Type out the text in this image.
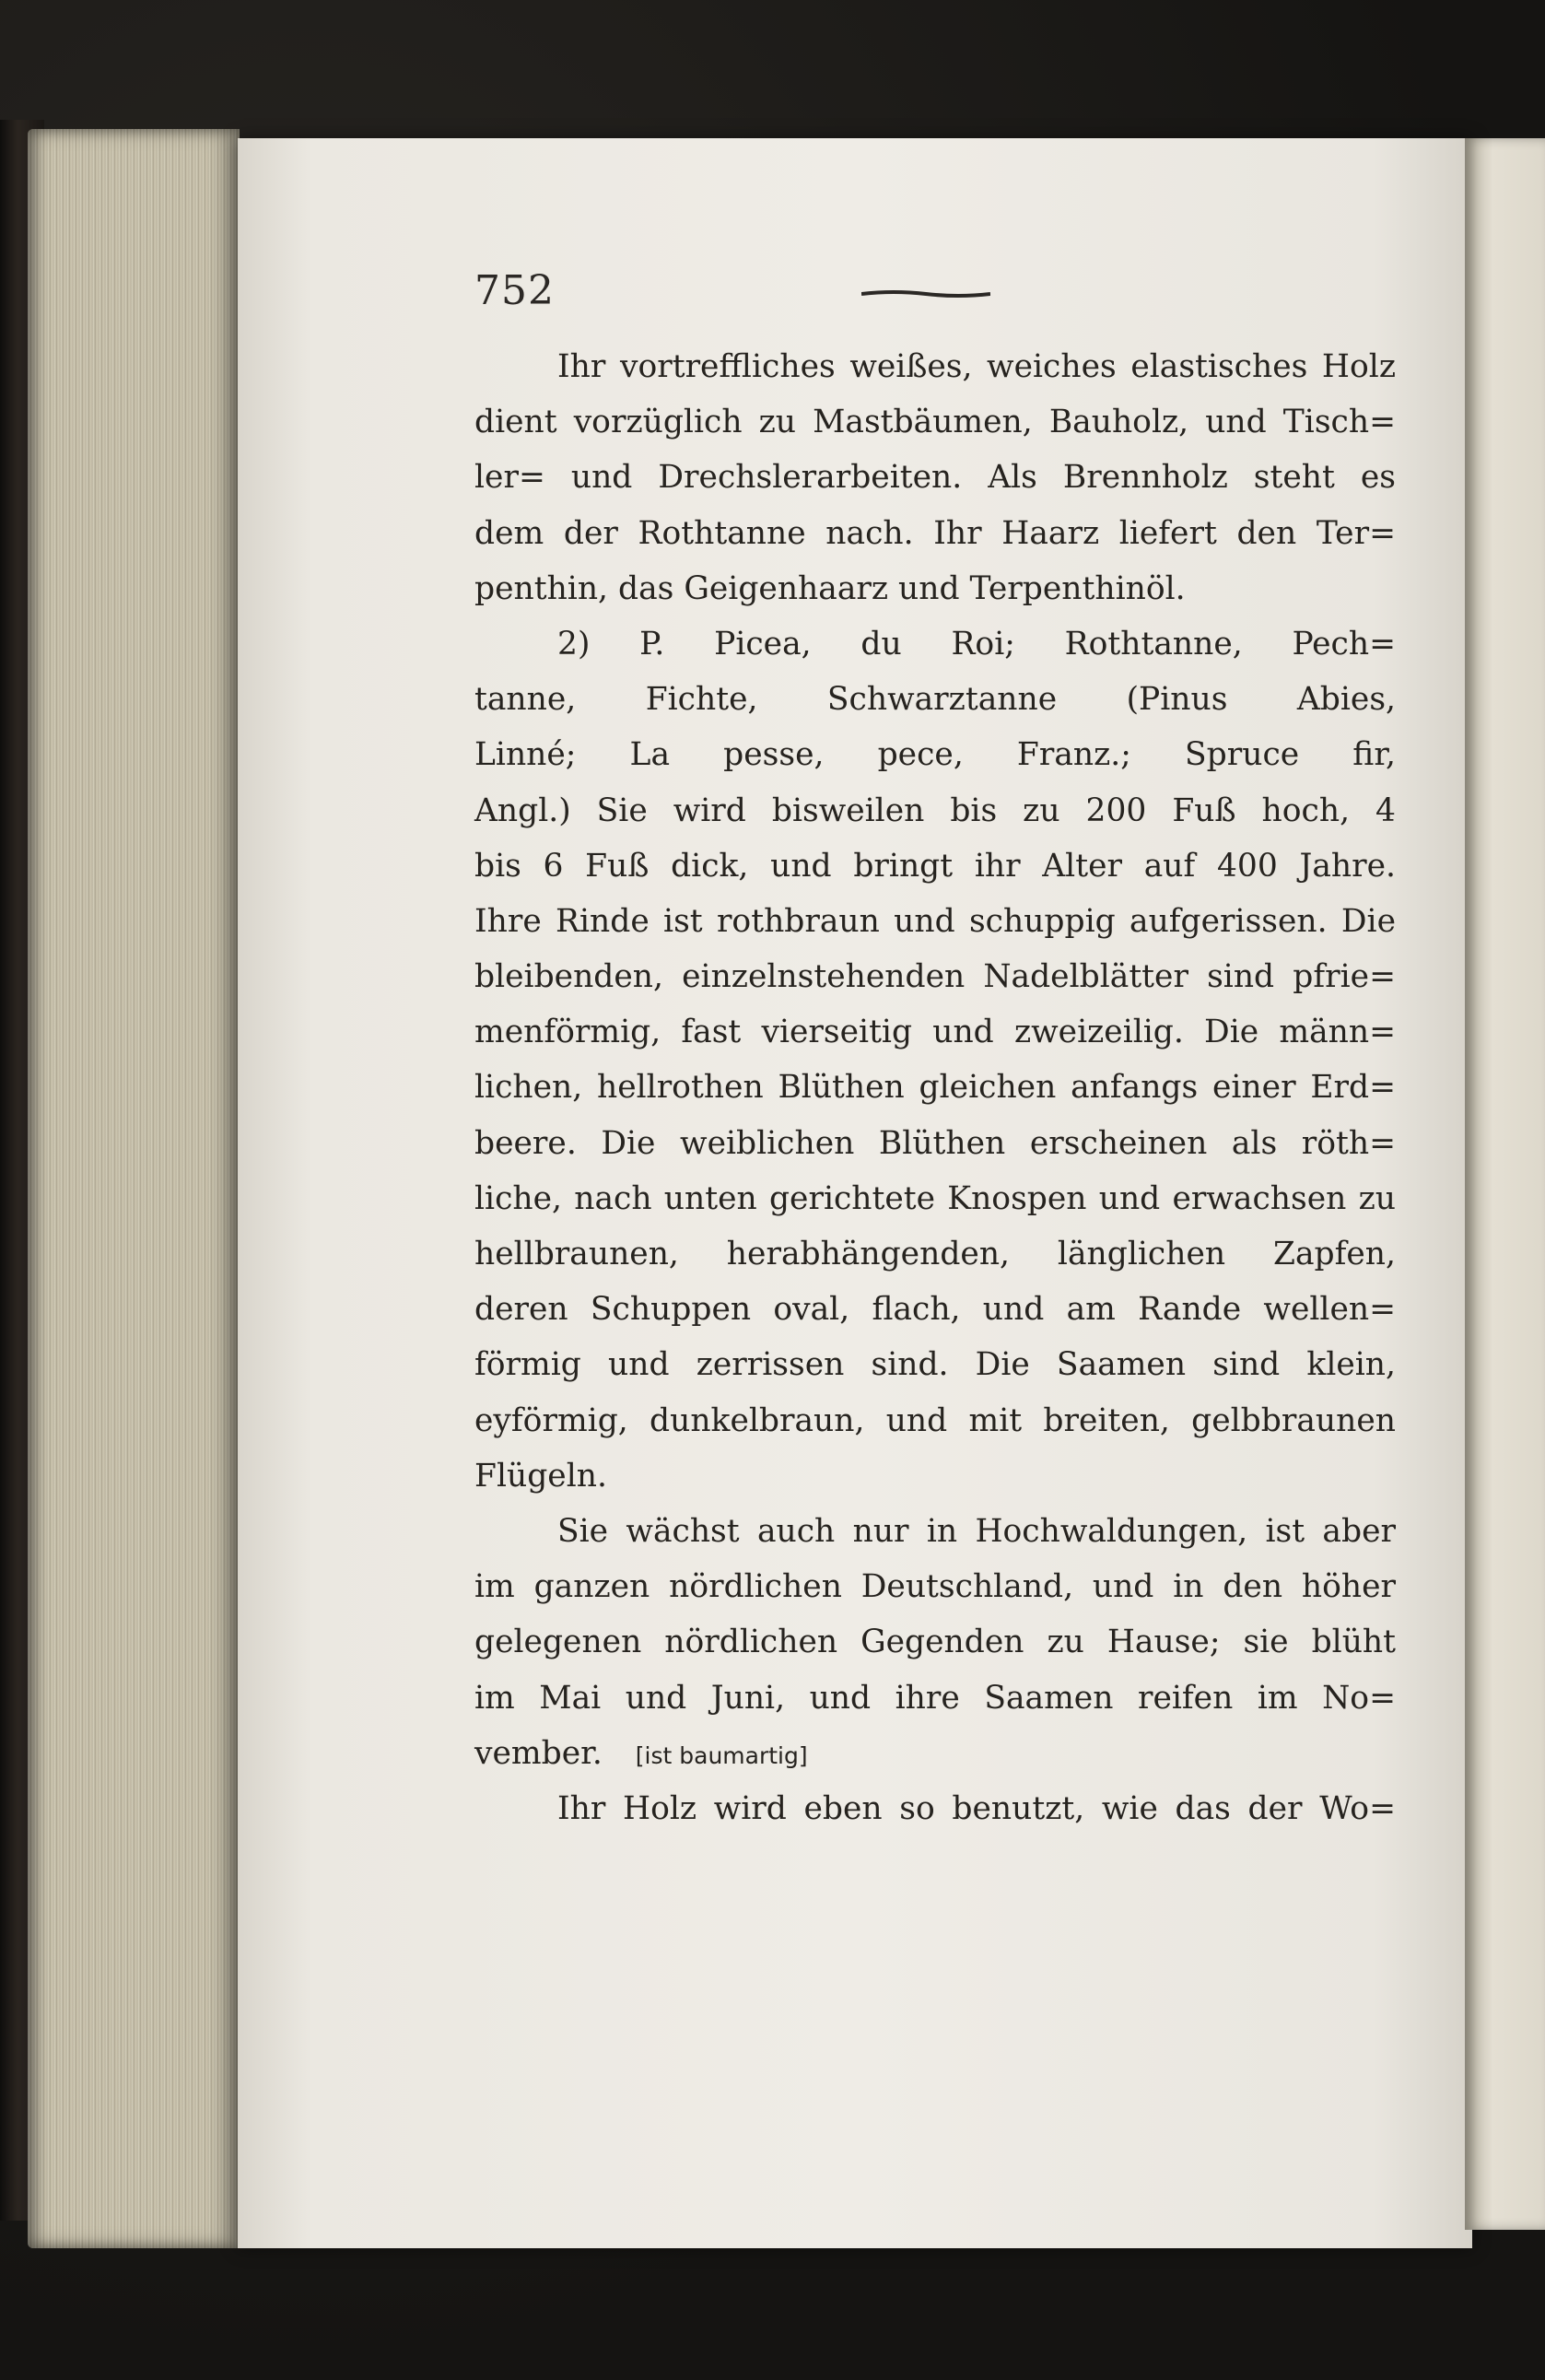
752
Ihr vortreffliches weißes, weiches elastisches Holz
dient vorzüglich zu Mastbäumen, Bauholz, und Tisch=
ler= und Drechslerarbeiten. Als Brennholz steht es
dem der Rothtanne nach. Ihr Haarz liefert den Ter=
penthin, das Geigenhaarz und Terpenthinöl.
2) P. Picea, du Roi; Rothtanne, Pech=
tanne, Fichte, Schwarztanne (Pinus Abies,
Linné; La pesse, pece, Franz.; Spruce fir,
Angl.) Sie wird bisweilen bis zu 200 Fuß hoch, 4
bis 6 Fuß dick, und bringt ihr Alter auf 400 Jahre.
Ihre Rinde ist rothbraun und schuppig aufgerissen. Die
bleibenden, einzelnstehenden Nadelblätter sind pfrie=
menförmig, fast vierseitig und zweizeilig. Die männ=
lichen, hellrothen Blüthen gleichen anfangs einer Erd=
beere. Die weiblichen Blüthen erscheinen als röth=
liche, nach unten gerichtete Knospen und erwachsen zu
hellbraunen, herabhängenden, länglichen Zapfen,
deren Schuppen oval, flach, und am Rande wellen=
förmig und zerrissen sind. Die Saamen sind klein,
eyförmig, dunkelbraun, und mit breiten, gelbbraunen
Flügeln.
Sie wächst auch nur in Hochwaldungen, ist aber
im ganzen nördlichen Deutschland, und in den höher
gelegenen nördlichen Gegenden zu Hause; sie blüht
im Mai und Juni, und ihre Saamen reifen im No=
vember. [ist baumartig]
Ihr Holz wird eben so benutzt, wie das der Wo=
